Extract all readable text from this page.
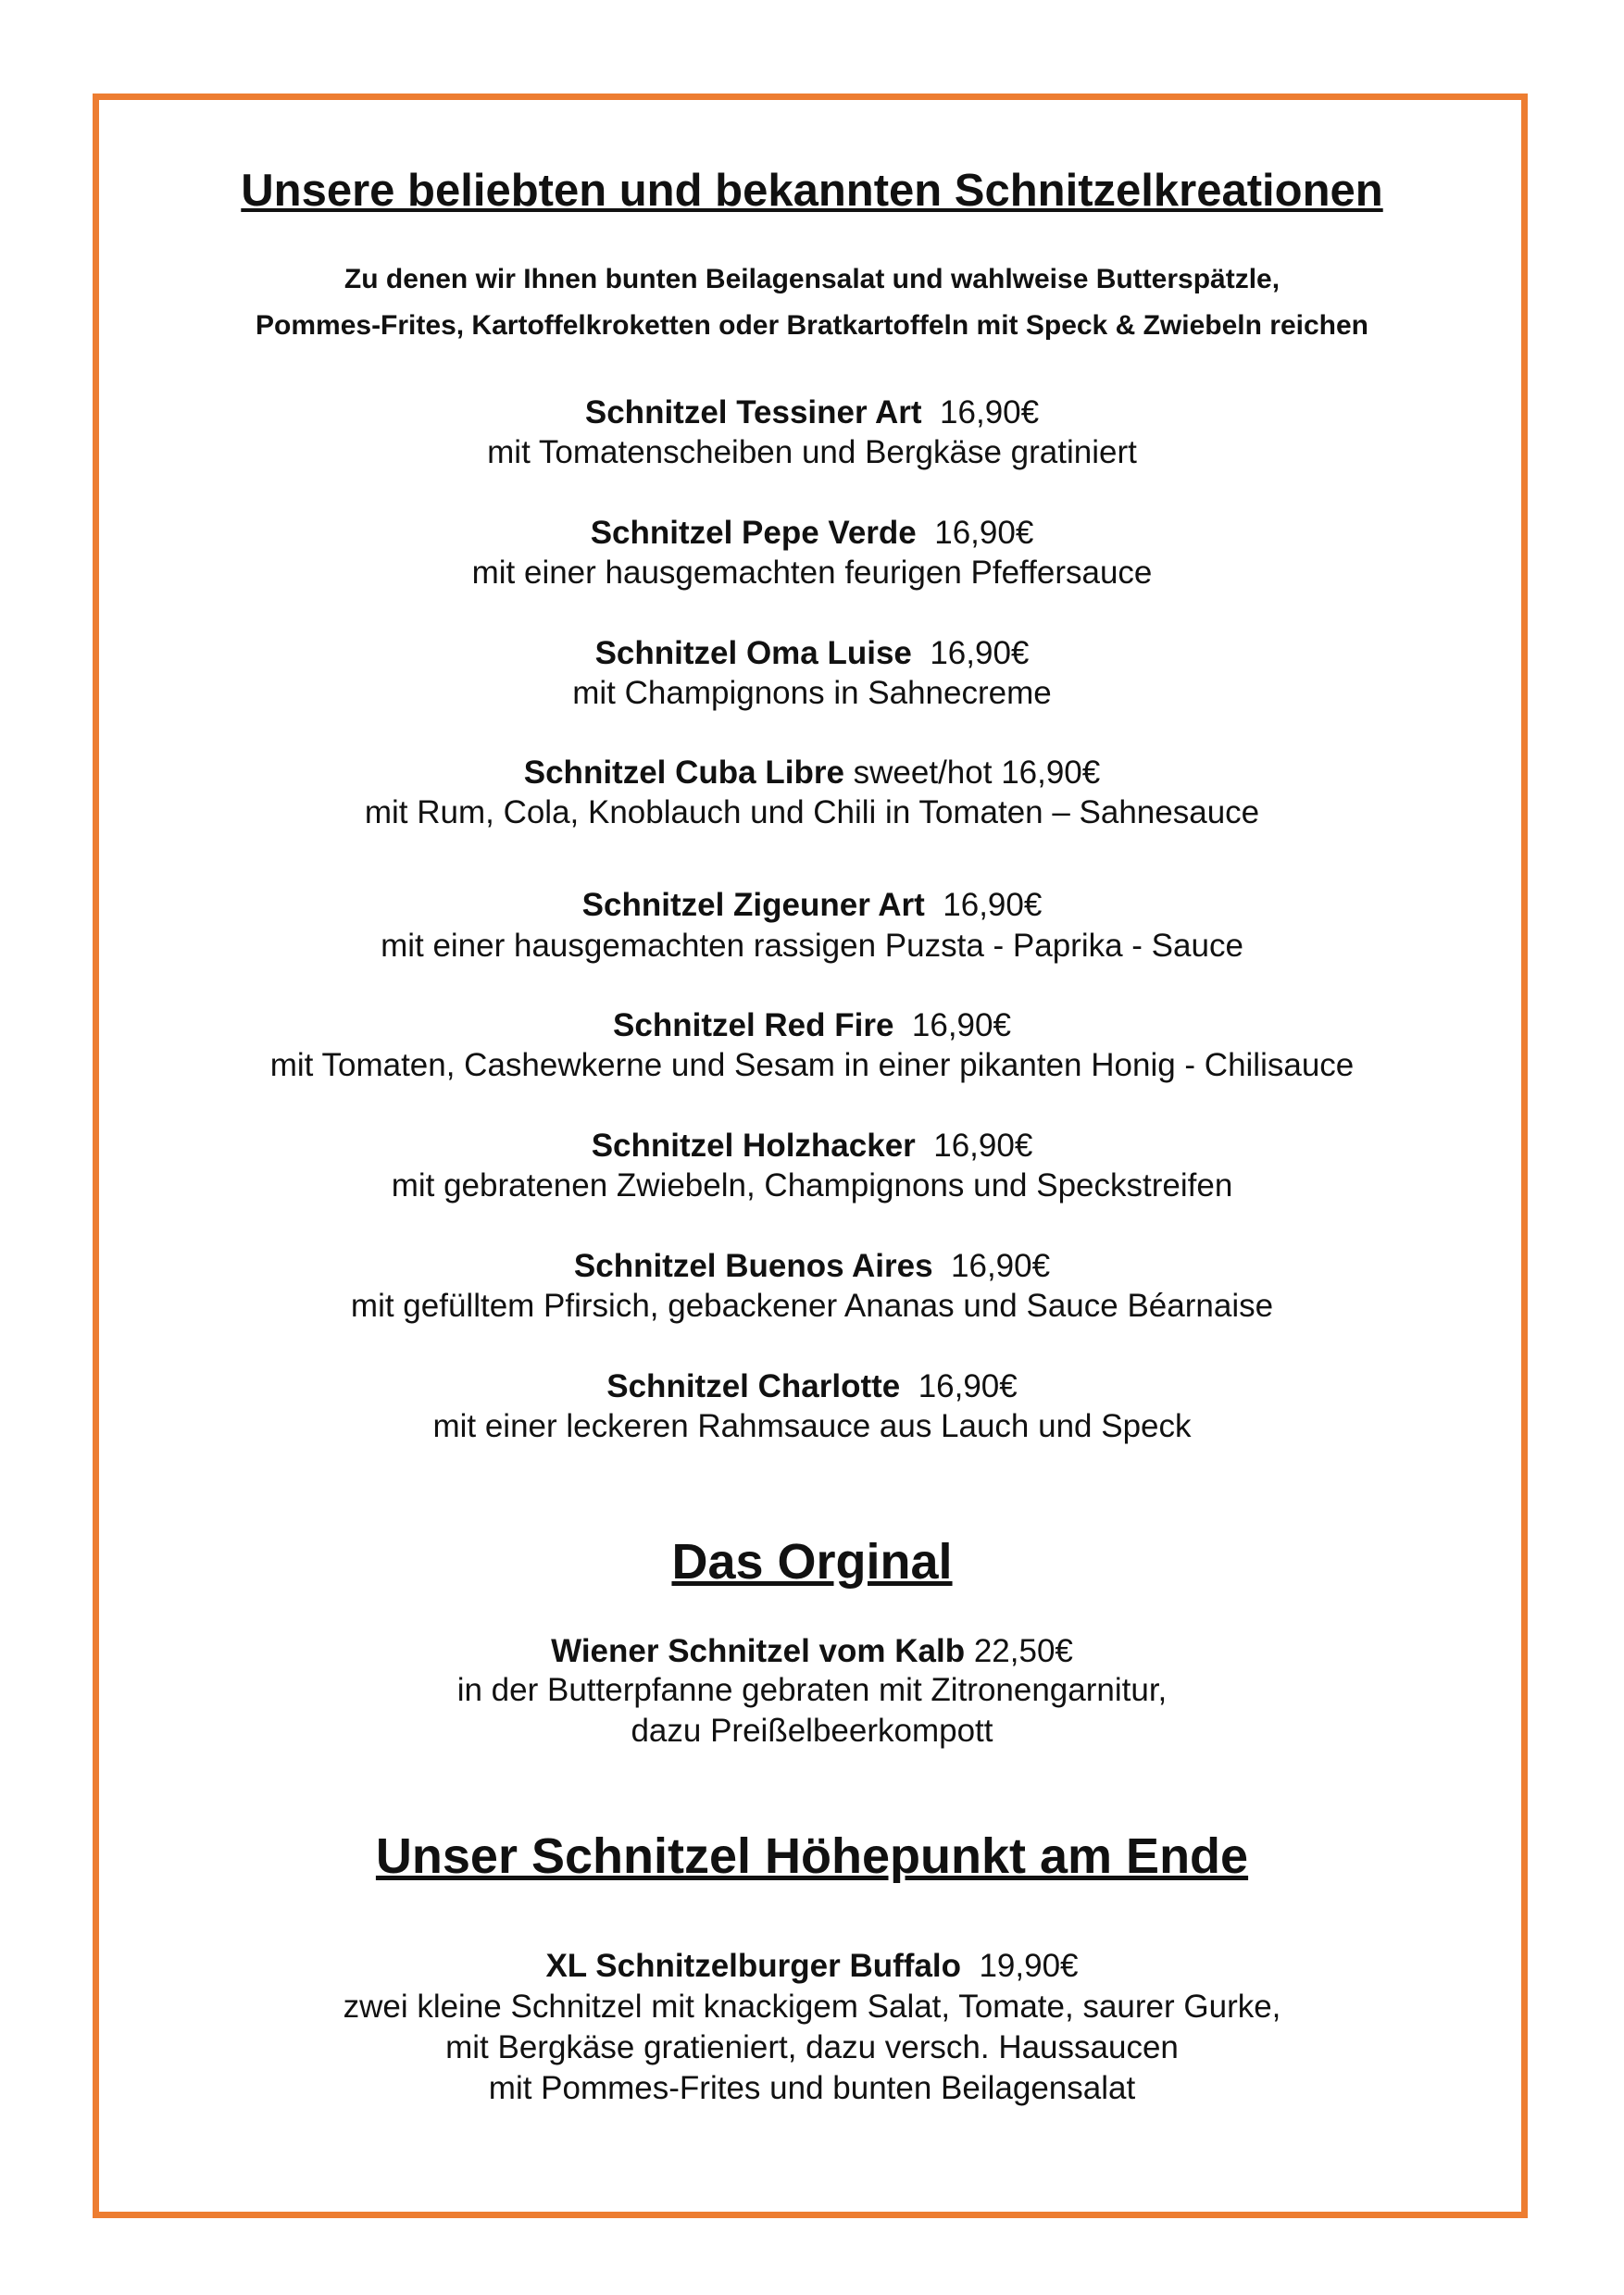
Unsere beliebten und bekannten Schnitzelkreationen
Zu denen wir Ihnen bunten Beilagensalat und wahlweise Butterspätzle,
Pommes-Frites, Kartoffelkroketten oder Bratkartoffeln mit Speck & Zwiebeln reichen
Schnitzel Tessiner Art 16,90€
mit Tomatenscheiben und Bergkäse gratiniert
Schnitzel Pepe Verde 16,90€
mit einer hausgemachten feurigen Pfeffersauce
Schnitzel Oma Luise 16,90€
mit Champignons in Sahnecreme
Schnitzel Cuba Libre sweet/hot 16,90€
mit Rum, Cola, Knoblauch und Chili in Tomaten – Sahnesauce
Schnitzel Zigeuner Art 16,90€
mit einer hausgemachten rassigen Puzsta - Paprika - Sauce
Schnitzel Red Fire 16,90€
mit Tomaten, Cashewkerne und Sesam in einer pikanten Honig - Chilisauce
Schnitzel Holzhacker 16,90€
mit gebratenen Zwiebeln, Champignons und Speckstreifen
Schnitzel Buenos Aires 16,90€
mit gefülltem Pfirsich, gebackener Ananas und Sauce Béarnaise
Schnitzel Charlotte 16,90€
mit einer leckeren Rahmsauce aus Lauch und Speck
Das Orginal
Wiener Schnitzel vom Kalb 22,50€
in der Butterpfanne gebraten mit Zitronengarnitur,
dazu Preißelbeerkompott
Unser Schnitzel Höhepunkt am Ende
XL Schnitzelburger Buffalo 19,90€
zwei kleine Schnitzel mit knackigem Salat, Tomate, saurer Gurke,
mit Bergkäse gratieniert, dazu versch. Haussaucen
mit Pommes-Frites und bunten Beilagensalat
